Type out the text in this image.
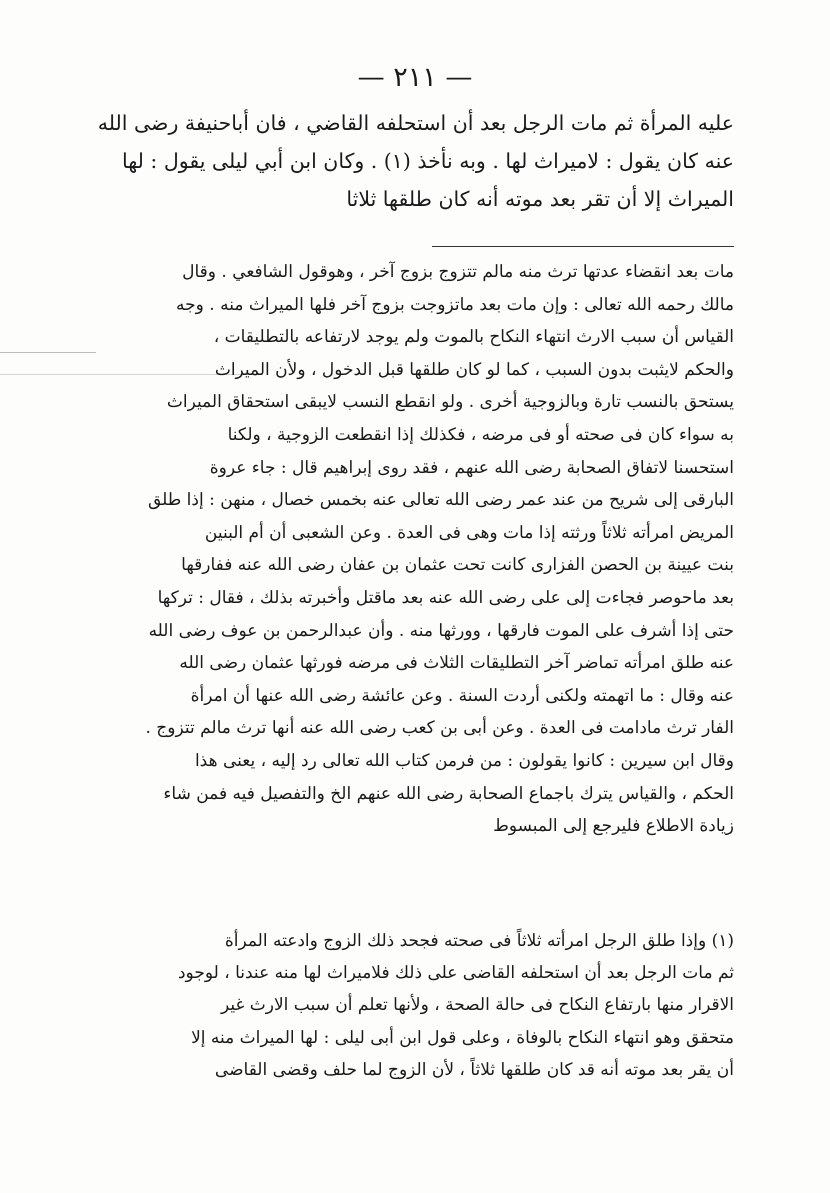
— ٢١١ —

عليه المرأة ثم مات الرجل بعد أن استحلفه القاضي ، فان أباحنيفة رضى الله

عنه كان يقول : لاميراث لها . وبه نأخذ (١) . وكان ابن أبي ليلى يقول : لها

الميراث إلا أن تقر بعد موته أنه كان طلقها ثلاثا

مات بعد انقضاء عدتها ترث منه مالم تتزوج بزوج آخر ، وهوقول الشافعي . وقال

مالك رحمه الله تعالى : وإن مات بعد ماتزوجت بزوج آخر فلها الميراث منه . وجه

القياس أن سبب الارث انتهاء النكاح بالموت ولم يوجد لارتفاعه بالتطليقات ،

والحكم لايثبت بدون السبب ، كما لو كان طلقها قبل الدخول ، ولأن الميراث

يستحق بالنسب تارة وبالزوجية أخرى . ولو انقطع النسب لايبقى استحقاق الميراث

به سواء كان فى صحته أو فى مرضه ، فكذلك إذا انقطعت الزوجية ، ولكنا

استحسنا لاتفاق الصحابة رضى الله عنهم ، فقد روى إبراهيم قال : جاء عروة

البارقى إلى شريح من عند عمر رضى الله تعالى عنه بخمس خصال ، منهن : إذا طلق

المريض امرأته ثلاثاً ورثته إذا مات وهى فى العدة . وعن الشعبى أن أم البنين

بنت عيينة بن الحصن الفزارى كانت تحت عثمان بن عفان رضى الله عنه ففارقها

بعد ماحوصر فجاءت إلى على رضى الله عنه بعد ماقتل وأخبرته بذلك ، فقال : تركها

حتى إذا أشرف على الموت فارقها ، وورثها منه . وأن عبدالرحمن بن عوف رضى الله

عنه طلق امرأته تماضر آخر التطليقات الثلاث فى مرضه فورثها عثمان رضى الله

عنه وقال : ما اتهمته ولكنى أردت السنة . وعن عائشة رضى الله عنها أن امرأة

الفار ترث مادامت فى العدة . وعن أبى بن كعب رضى الله عنه أنها ترث مالم تتزوج .

وقال ابن سيرين : كانوا يقولون : من فرمن كتاب الله تعالى رد إليه ، يعنى هذا

الحكم ، والقياس يترك باجماع الصحابة رضى الله عنهم الخ والتفصيل فيه فمن شاء

زيادة الاطلاع فليرجع إلى المبسوط

(١) وإذا طلق الرجل امرأته ثلاثاً فى صحته فجحد ذلك الزوج وادعته المرأة

ثم مات الرجل بعد أن استحلفه القاضى على ذلك فلاميراث لها منه عندنا ، لوجود

الاقرار منها بارتفاع النكاح فى حالة الصحة ، ولأنها تعلم أن سبب الارث غير

متحقق وهو انتهاء النكاح بالوفاة ، وعلى قول ابن أبى ليلى : لها الميراث منه إلا

أن يقر بعد موته أنه قد كان طلقها ثلاثاً ، لأن الزوج لما حلف وقضى القاضى
